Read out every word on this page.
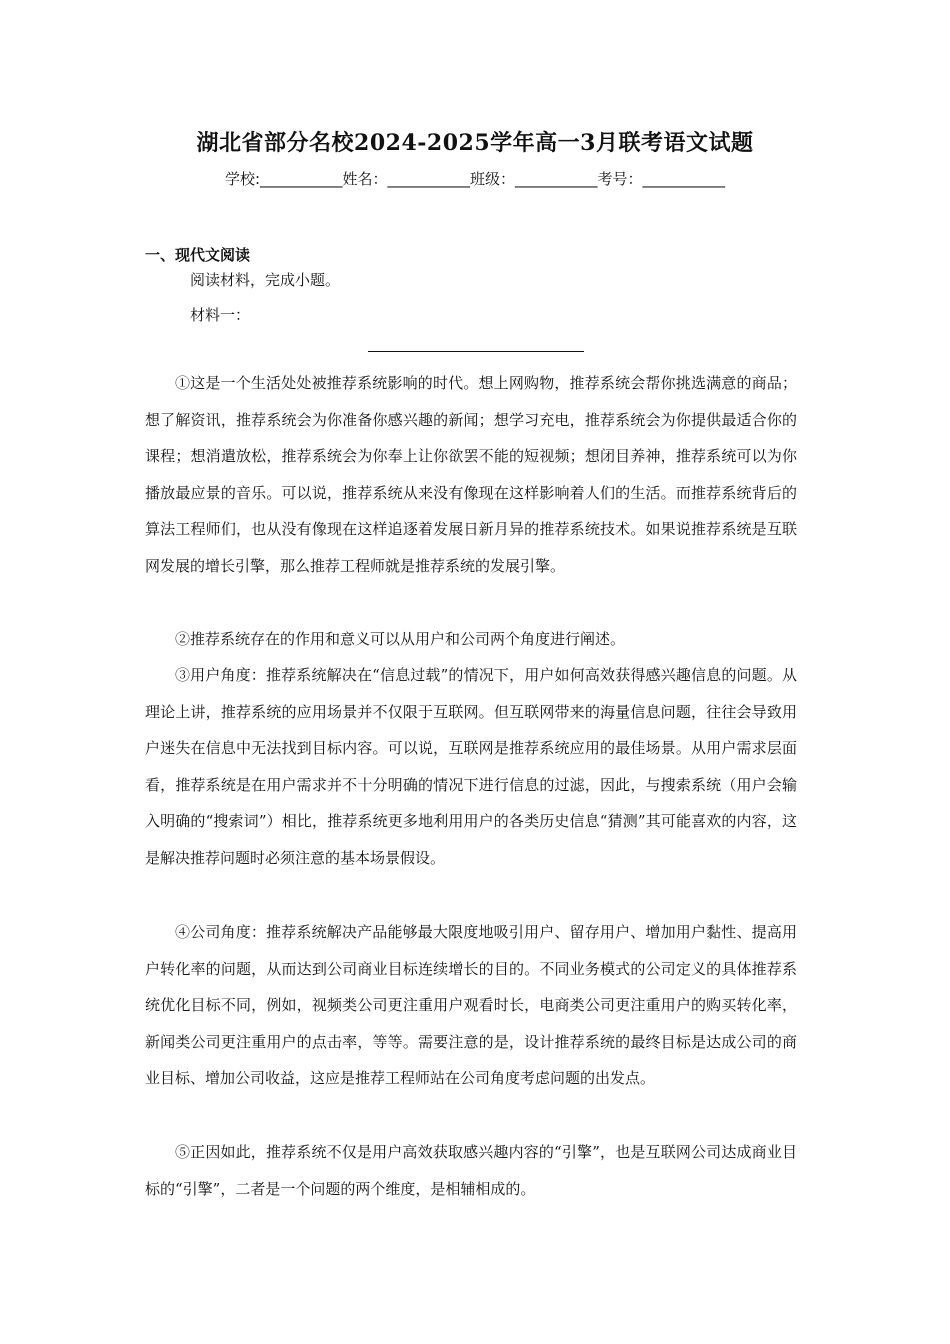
湖北省部分名校2024-2025学年高一3月联考语文试题
学校:___________姓名：___________班级：___________考号：___________
一、现代文阅读
阅读材料，完成小题。
材料一：

①这是一个生活处处被推荐系统影响的时代。想上网购物，推荐系统会帮你挑选满意的商品；想了解资讯，推荐系统会为你准备你感兴趣的新闻；想学习充电，推荐系统会为你提供最适合你的课程；想消遣放松，推荐系统会为你奉上让你欲罢不能的短视频；想闭目养神，推荐系统可以为你播放最应景的音乐。可以说，推荐系统从来没有像现在这样影响着人们的生活。而推荐系统背后的算法工程师们，也从没有像现在这样追逐着发展日新月异的推荐系统技术。如果说推荐系统是互联网发展的增长引擎，那么推荐工程师就是推荐系统的发展引擎。

②推荐系统存在的作用和意义可以从用户和公司两个角度进行阐述。

③用户角度：推荐系统解决在“信息过载”的情况下，用户如何高效获得感兴趣信息的问题。从理论上讲，推荐系统的应用场景并不仅限于互联网。但互联网带来的海量信息问题，往往会导致用户迷失在信息中无法找到目标内容。可以说，互联网是推荐系统应用的最佳场景。从用户需求层面看，推荐系统是在用户需求并不十分明确的情况下进行信息的过滤，因此，与搜索系统（用户会输入明确的“搜索词”）相比，推荐系统更多地利用用户的各类历史信息“猜测”其可能喜欢的内容，这是解决推荐问题时必须注意的基本场景假设。

④公司角度：推荐系统解决产品能够最大限度地吸引用户、留存用户、增加用户黏性、提高用户转化率的问题，从而达到公司商业目标连续增长的目的。不同业务模式的公司定义的具体推荐系统优化目标不同，例如，视频类公司更注重用户观看时长，电商类公司更注重用户的购买转化率，新闻类公司更注重用户的点击率，等等。需要注意的是，设计推荐系统的最终目标是达成公司的商业目标、增加公司收益，这应是推荐工程师站在公司角度考虑问题的出发点。

⑤正因如此，推荐系统不仅是用户高效获取感兴趣内容的“引擎”，也是互联网公司达成商业目标的“引擎”，二者是一个问题的两个维度，是相辅相成的。
